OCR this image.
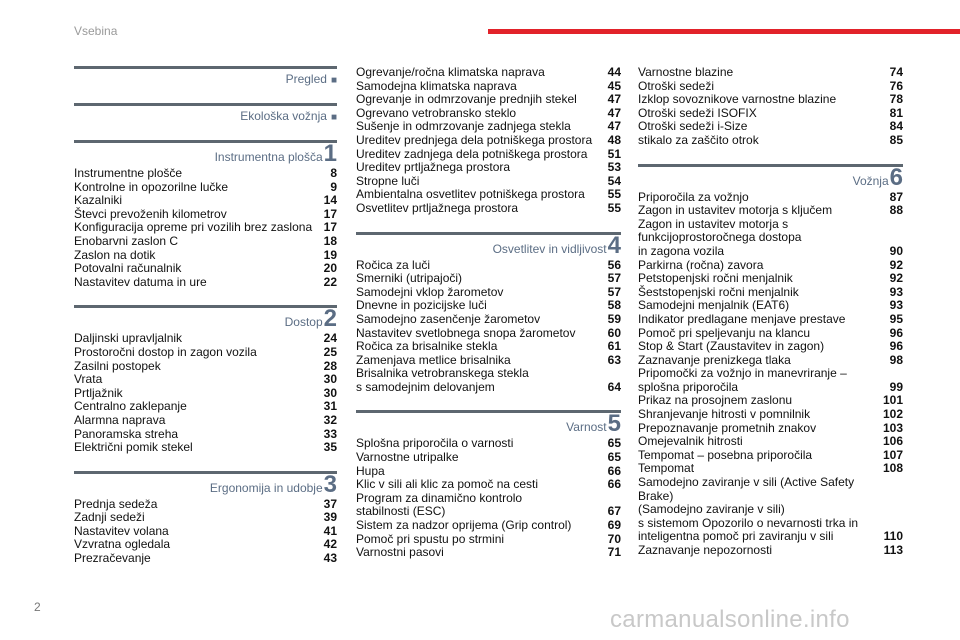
Vsebina
Pregled ■
Ekološka vožnja ■
Instrumentna plošča1
Instrumentne plošče	8
Kontrolne in opozorilne lučke	9
Kazalniki	14
Števci prevoženih kilometrov	17
Konfiguracija opreme pri vozilih brez zaslona 17
Enobarvni zaslon C	18
Zaslon na dotik	19
Potovalni računalnik	20
Nastavitev datuma in ure	22
Dostop2
Daljinski upravljalnik	24
Prostoročni dostop in zagon vozila	25
Zasilni postopek	28
Vrata	30
Prtljažnik	30
Centralno zaklepanje	31
Alarmna naprava	32
Panoramska streha	33
Električni pomik stekel	35
Ergonomija in udobje3
Prednja sedeža	37
Zadnji sedeži	39
Nastavitev volana	41
Vzvratna ogledala	42
Prezračevanje	43
Ogrevanje/ročna klimatska naprava	44
Samodejna klimatska naprava	45
Ogrevanje in odmrzovanje prednjih stekel	47
Ogrevano vetrobransko steklo	47
Sušenje in odmrzovanje zadnjega stekla	47
Ureditev prednjega dela potniškega prostora	48
Ureditev zadnjega dela potniškega prostora	51
Ureditev prtljažnega prostora	53
Stropne luči	54
Ambientalna osvetlitev potniškega prostora	55
Osvetlitev prtljažnega prostora	55
Osvetlitev in vidljivost4
Ročica za luči	56
Smerniki (utripajoči)	57
Samodejni vklop žarometov	57
Dnevne in pozicijske luči	58
Samodejno zasenčenje žarometov	59
Nastavitev svetlobnega snopa žarometov	60
Ročica za brisalnike stekla	61
Zamenjava metlice brisalnika	63
Brisalnika vetrobranskega stekla
s samodejnim delovanjem	64
Varnost5
Splošna priporočila o varnosti	65
Varnostne utripalke	65
Hupa	66
Klic v sili ali klic za pomoč na cesti	66
Program za dinamično kontrolo
stabilnosti (ESC)	67
Sistem za nadzor oprijema (Grip control)	69
Pomoč pri spustu po strmini	70
Varnostni pasovi	71
Varnostne blazine	74
Otroški sedeži	76
Izklop sovoznikove varnostne blazine	78
Otroški sedeži ISOFIX	81
Otroški sedeži i-Size	84
stikalo za zaščito otrok	85
Vožnja6
Priporočila za vožnjo	87
Zagon in ustavitev motorja s ključem	88
Zagon in ustavitev motorja s
funkcijoprostoročnega dostopa
in zagona vozila	90
Parkirna (ročna) zavora	92
Petstopenjski ročni menjalnik	92
Šeststopenjski ročni menjalnik	93
Samodejni menjalnik (EAT6)	93
Indikator predlagane menjave prestave	95
Pomoč pri speljevanju na klancu	96
Stop & Start (Zaustavitev in zagon)	96
Zaznavanje prenizkega tlaka	98
Pripomočki za vožnjo in manevriranje –
splošna priporočila	99
Prikaz na prosojnem zaslonu	101
Shranjevanje hitrosti v pomnilnik	102
Prepoznavanje prometnih znakov	103
Omejevalnik hitrosti	106
Tempomat – posebna priporočila	107
Tempomat	108
Samodejno zaviranje v sili (Active Safety Brake)
(Samodejno zaviranje v sili)
s sistemom Opozorilo o nevarnosti trka in
inteligentna pomoč pri zaviranju v sili	110
Zaznavanje nepozornosti	113
2	carmanualsonline.info
